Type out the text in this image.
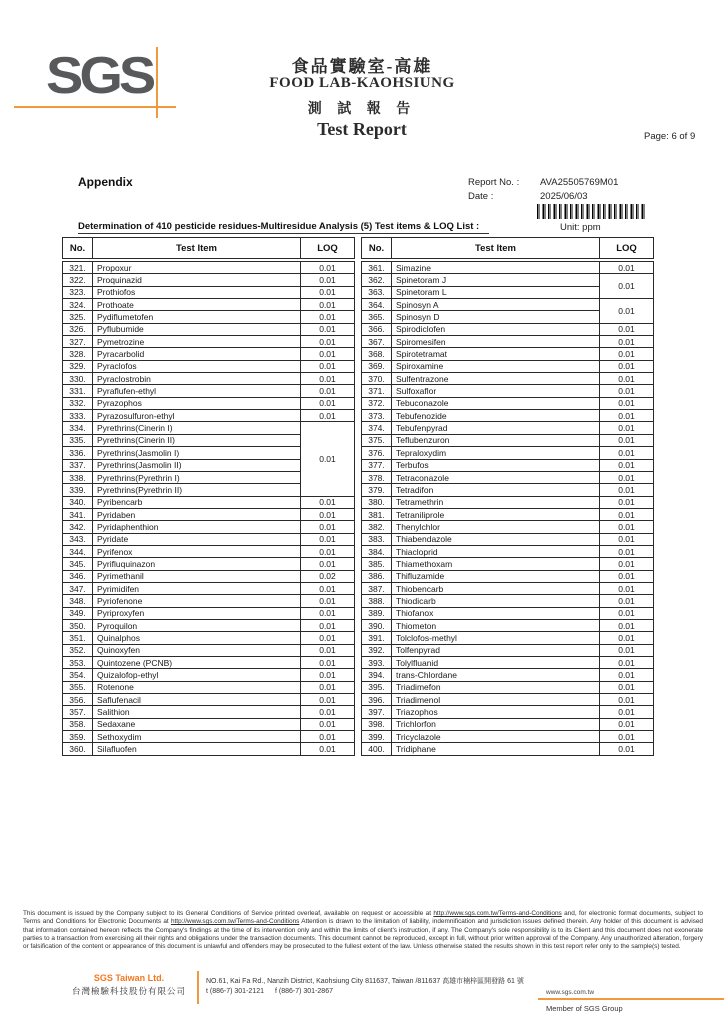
SGS	食品實驗室-高雄
FOOD LAB-KAOHSIUNG
測 試 報 告
Test Report	Page: 6 of 9
Appendix	Report No. : AVA25505769M01
Date :	2025/06/03
Determination of 410 pesticide residues-Multiresidue Analysis (5) Test items & LOQ List :	Unit: ppm
No.	Test Item	LOQ
321.	Propoxur	0.01
322.	Proquinazid	0.01
323.	Prothiofos	0.01
324.	Prothoate	0.01
325.	Pydiflumetofen	0.01
326.	Pyflubumide	0.01
327.	Pymetrozine	0.01
328.	Pyracarbolid	0.01
329.	Pyraclofos	0.01
330.	Pyraclostrobin	0.01
331.	Pyraflufen-ethyl	0.01
332.	Pyrazophos	0.01
333.	Pyrazosulfuron-ethyl	0.01
334.	Pyrethrins(Cinerin I)	0.01
335.	Pyrethrins(Cinerin II)	
336.	Pyrethrins(Jasmolin I)	
337.	Pyrethrins(Jasmolin II)	
338.	Pyrethrins(Pyrethrin I)	
339.	Pyrethrins(Pyrethrin II)	
340.	Pyribencarb	0.01
341.	Pyridaben	0.01
342.	Pyridaphenthion	0.01
343.	Pyridate	0.01
344.	Pyrifenox	0.01
345.	Pyrifluquinazon	0.01
346.	Pyrimethanil	0.02
347.	Pyrimidifen	0.01
348.	Pyriofenone	0.01
349.	Pyriproxyfen	0.01
350.	Pyroquilon	0.01
351.	Quinalphos	0.01
352.	Quinoxyfen	0.01
353.	Quintozene (PCNB)	0.01
354.	Quizalofop-ethyl	0.01
355.	Rotenone	0.01
356.	Saflufenacil	0.01
357.	Salithion	0.01
358.	Sedaxane	0.01
359.	Sethoxydim	0.01
360.	Silafluofen	0.01
No.	Test Item	LOQ
361.	Simazine	0.01
362.	Spinetoram J	0.01
363.	Spinetoram L	
364.	Spinosyn A	0.01
365.	Spinosyn D	
366.	Spirodiclofen	0.01
367.	Spiromesifen	0.01
368.	Spirotetramat	0.01
369.	Spiroxamine	0.01
370.	Sulfentrazone	0.01
371.	Sulfoxaflor	0.01
372.	Tebuconazole	0.01
373.	Tebufenozide	0.01
374.	Tebufenpyrad	0.01
375.	Teflubenzuron	0.01
376.	Tepraloxydim	0.01
377.	Terbufos	0.01
378.	Tetraconazole	0.01
379.	Tetradifon	0.01
380.	Tetramethrin	0.01
381.	Tetraniliprole	0.01
382.	Thenylchlor	0.01
383.	Thiabendazole	0.01
384.	Thiacloprid	0.01
385.	Thiamethoxam	0.01
386.	Thifluzamide	0.01
387.	Thiobencarb	0.01
388.	Thiodicarb	0.01
389.	Thiofanox	0.01
390.	Thiometon	0.01
391.	Tolclofos-methyl	0.01
392.	Tolfenpyrad	0.01
393.	Tolylfluanid	0.01
394.	trans-Chlordane	0.01
395.	Triadimefon	0.01
396.	Triadimenol	0.01
397.	Triazophos	0.01
398.	Trichlorfon	0.01
399.	Tricyclazole	0.01
400.	Tridiphane	0.01
This document is issued by the Company subject to its General Conditions of Service printed overleaf, available on request or accessible at http://www.sgs.com.tw/Terms-and-Conditions and, for electronic format documents, subject to Terms and Conditions for Electronic Documents at http://www.sgs.com.tw/Terms-and-Conditions Attention is drawn to the limitation of liability, indemnification and jurisdiction issues defined therein. Any holder of this document is advised that information contained hereon reflects the Company's findings at the time of its intervention only and within the limits of client's instruction, if any. The Company's sole responsibility is to its Client and this document does not exonerate parties to a transaction from exercising all their rights and obligations under the transaction documents. This document cannot be reproduced, except in full, without prior written approval of the Company. Any unauthorized alteration, forgery or falsification of the content or appearance of this document is unlawful and offenders may be prosecuted to the fullest extent of the law. Unless otherwise stated the results shown in this test report refer only to the sample(s) tested.
SGS Taiwan Ltd.
台灣檢驗科技股份有限公司
NO.61, Kai Fa Rd., Nanzih District, Kaohsiung City 811637, Taiwan /811637 高雄市楠梓區開發路 61 號
t (886-7) 301-2121 f (886-7) 301-2867	www.sgs.com.tw
Member of SGS Group
